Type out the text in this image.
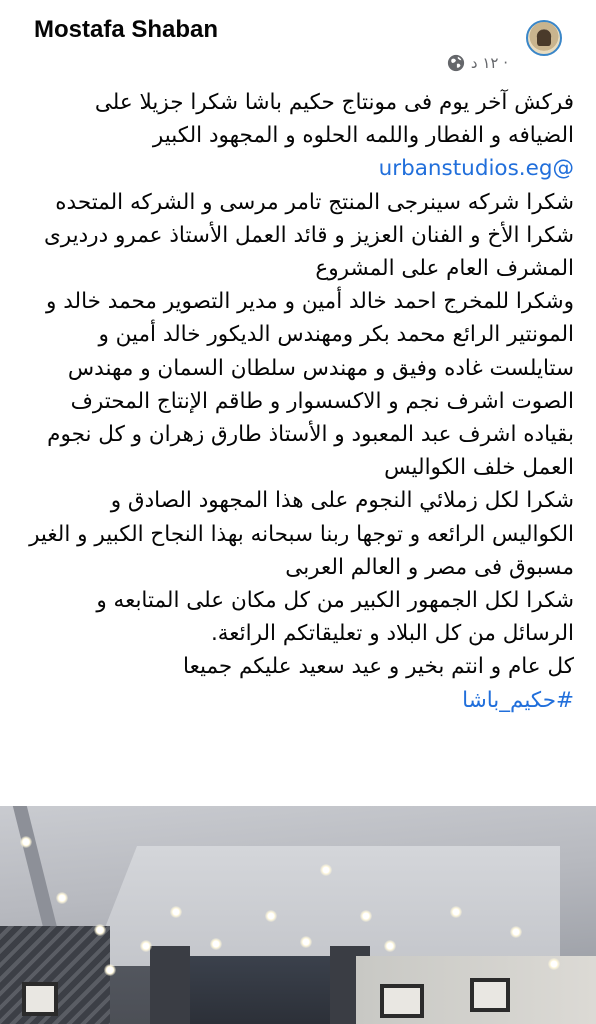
Mostafa Shaban
١٢ د ·

فركش آخر يوم فى مونتاج حكيم باشا شكرا جزيلا على الضيافه و الفطار واللمه الحلوه و المجهود الكبير

urbanstudios.eg@

شكرا شركه سينرجى المنتج تامر مرسى و الشركه المتحده

شكرا الأخ و الفنان العزيز و قائد العمل الأستاذ عمرو دردیری المشرف العام على المشروع

وشكرا للمخرج احمد خالد أمين و مدير التصوير محمد خالد و المونتير الرائع محمد بكر ومهندس الديكور خالد أمين و ستايلست غاده وفيق و مهندس سلطان السمان و مهندس الصوت اشرف نجم و الاكسسوار و طاقم الإنتاج المحترف بقياده اشرف عبد المعبود و الأستاذ طارق زهران و كل نجوم العمل خلف الكواليس

شكرا لكل زملائي النجوم على هذا المجهود الصادق و الكواليس الرائعه و توجها ربنا سبحانه بهذا النجاح الكبير و الغير مسبوق فى مصر و العالم العربى

شكرا لكل الجمهور الكبير من كل مكان على المتابعه و الرسائل من كل البلاد و تعليقاتكم الرائعة.

كل عام و انتم بخير و عيد سعيد عليكم جميعا

#حكيم_باشا
